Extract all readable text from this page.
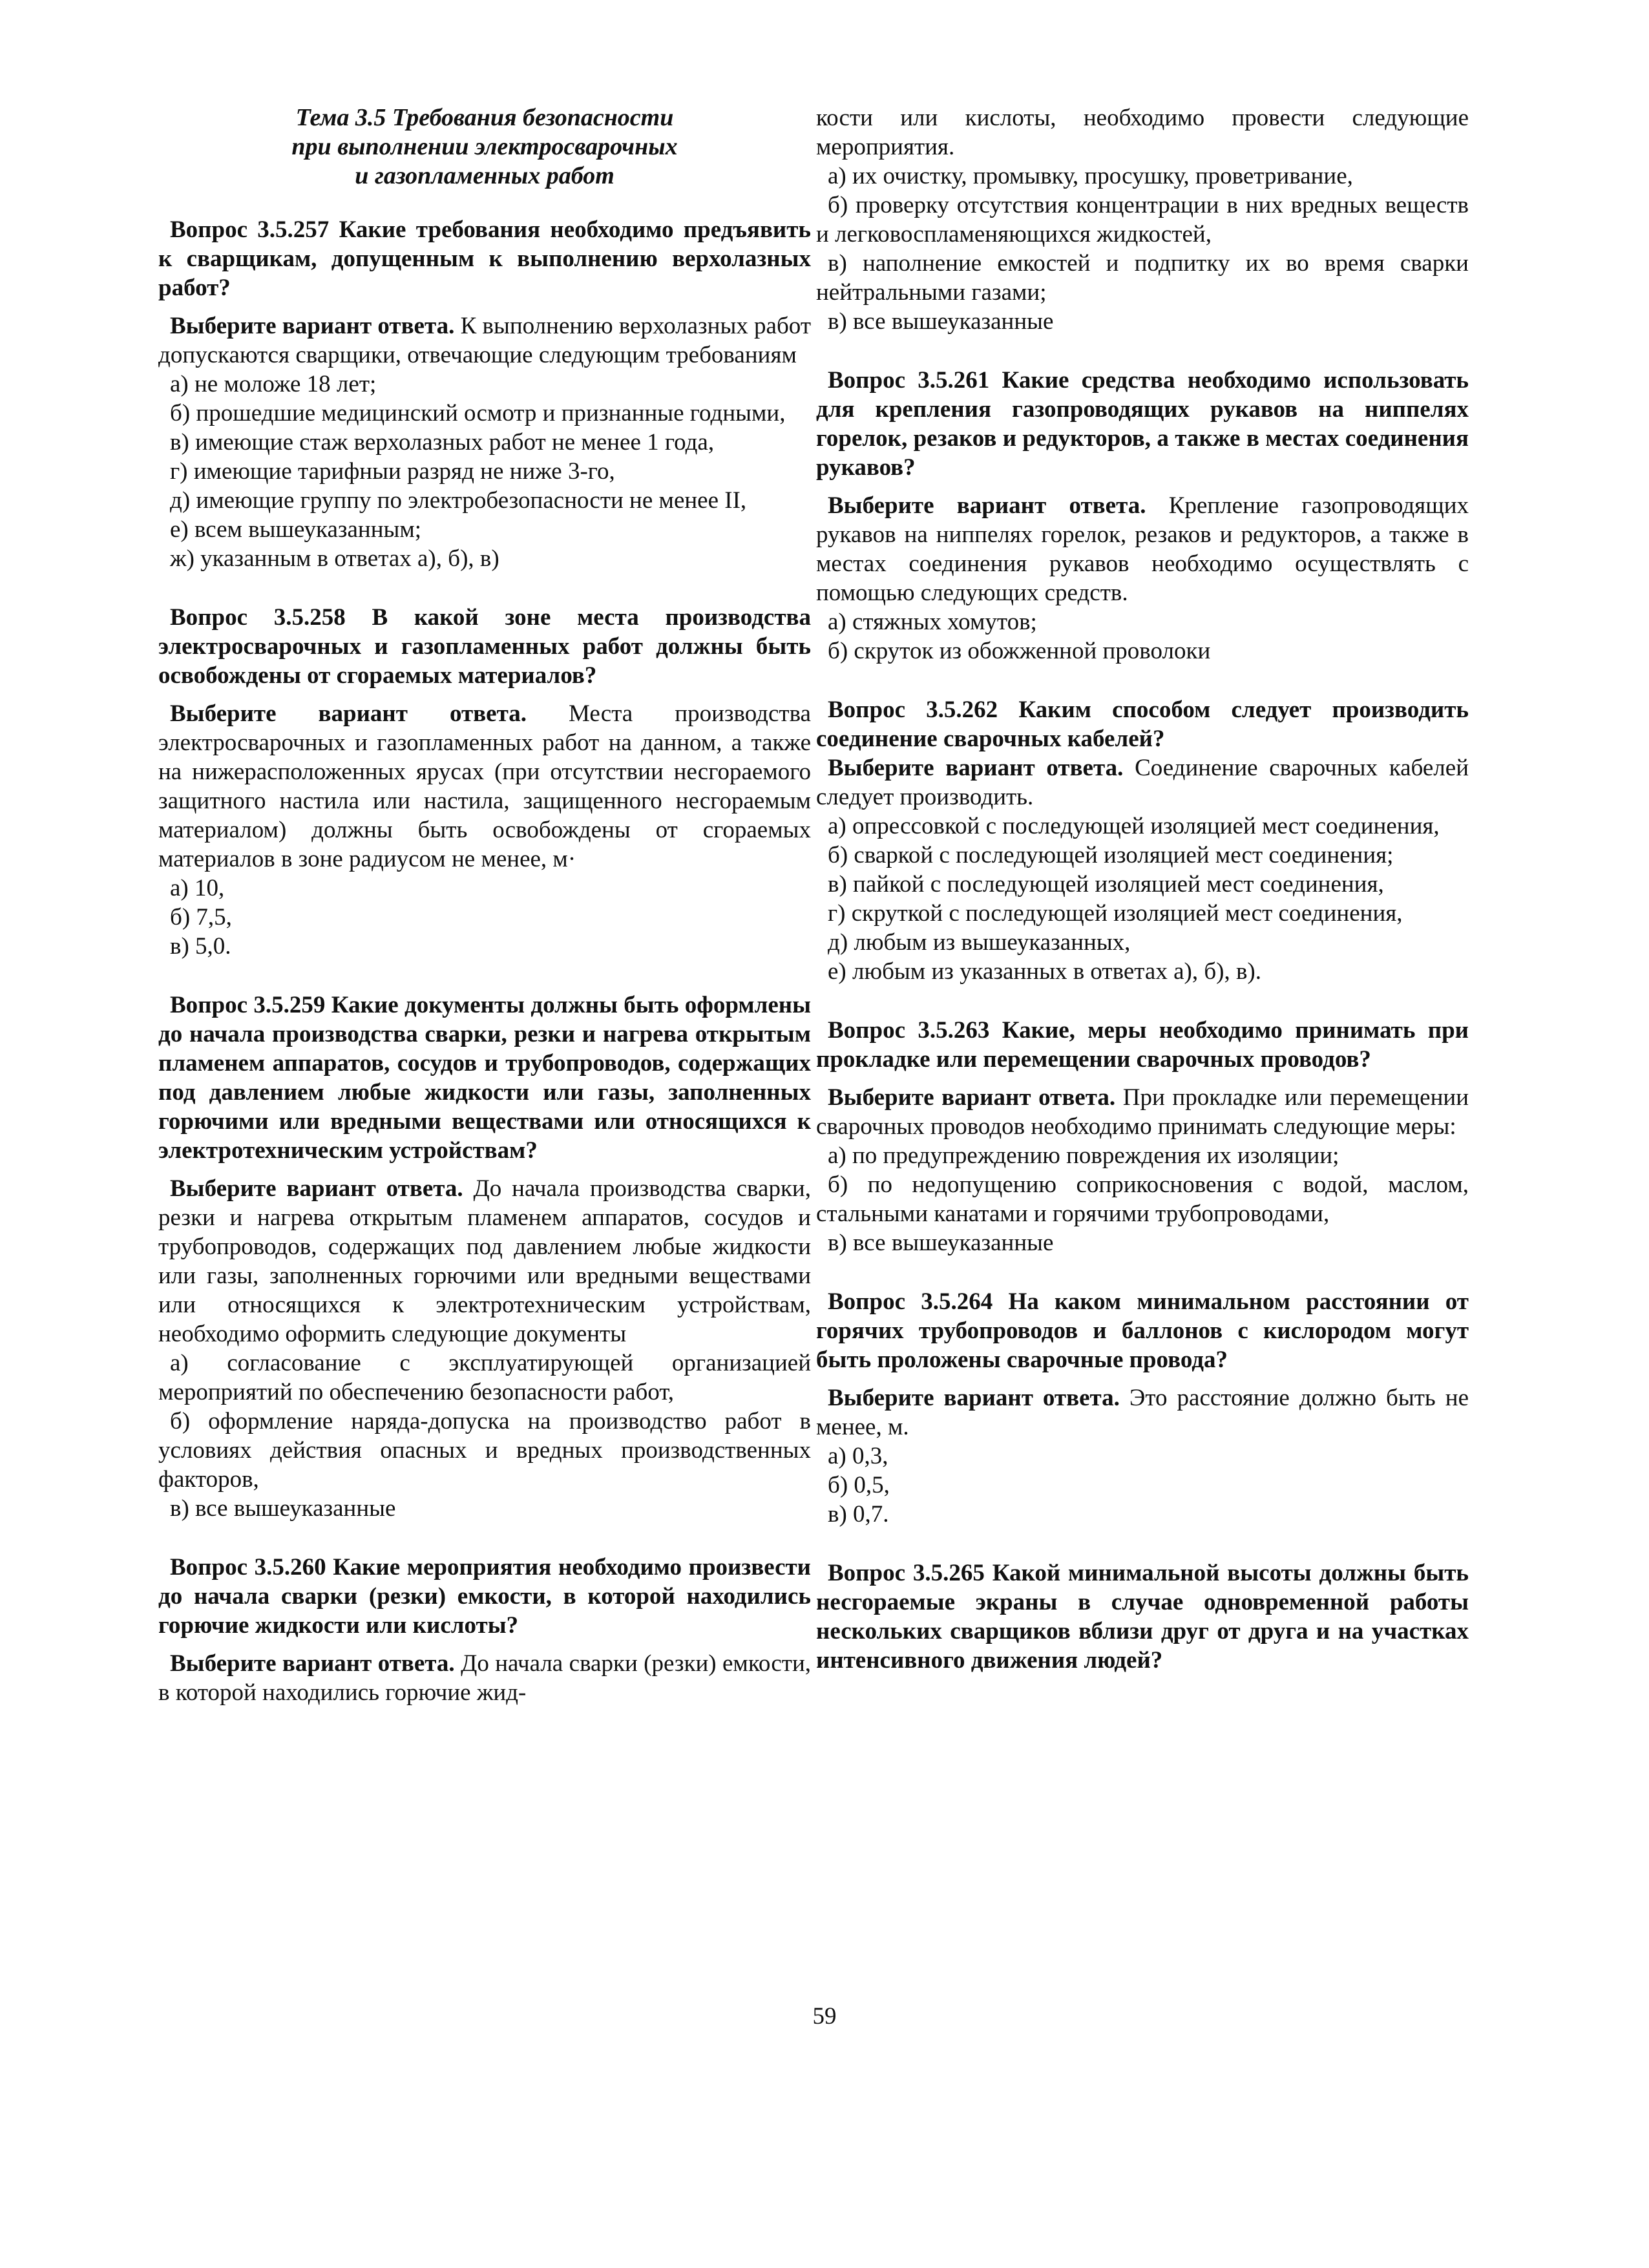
Тема 3.5 Требования безопасности
при выполнении электросварочных
и газопламенных работ

Вопрос 3.5.257 Какие требования необходимо предъявить к сварщикам, допущенным к выполнению верхолазных работ?

Выберите вариант ответа. К выполнению верхолазных работ допускаются сварщики, отвечающие следующим требованиям

а) не моложе 18 лет;

б) прошедшие медицинский осмотр и признанные годными,

в) имеющие стаж верхолазных работ не менее 1 года,

г) имеющие тарифныи разряд не ниже 3-го,

д) имеющие группу по электробезопасности не менее II,

е) всем вышеуказанным;

ж) указанным в ответах а), б), в)

Вопрос 3.5.258 В какой зоне места производства электросварочных и газопламенных работ должны быть освобождены от сгораемых материалов?

Выберите вариант ответа. Места производства электросварочных и газопламенных работ на данном, а также на нижерасположенных ярусах (при отсутствии несгораемого защитного настила или настила, защищенного несгораемым материалом) должны быть освобождены от сгораемых материалов в зоне радиусом не менее, м·

а) 10,

б) 7,5,

в) 5,0.

Вопрос 3.5.259 Какие документы должны быть оформлены до начала производства сварки, резки и нагрева открытым пламенем аппаратов, сосудов и трубопроводов, содержащих под давлением любые жидкости или газы, заполненных горючими или вредными веществами или относящихся к электротехническим устройствам?

Выберите вариант ответа. До начала производства сварки, резки и нагрева открытым пламенем аппаратов, сосудов и трубопроводов, содержащих под давлением любые жидкости или газы, заполненных горючими или вредными веществами или относящихся к электротехническим устройствам, необходимо оформить следующие документы

а) согласование с эксплуатирующей организацией мероприятий по обеспечению безопасности работ,

б) оформление наряда-допуска на производство работ в условиях действия опасных и вредных производственных факторов,

в) все вышеуказанные

Вопрос 3.5.260 Какие мероприятия необходимо произвести до начала сварки (резки) емкости, в которой находились горючие жидкости или кислоты?

Выберите вариант ответа. До начала сварки (резки) емкости, в которой находились горючие жид-

кости или кислоты, необходимо провести следующие мероприятия.

а) их очистку, промывку, просушку, проветривание,

б) проверку отсутствия концентрации в них вредных веществ и легковоспламеняющихся жидкостей,

в) наполнение емкостей и подпитку их во время сварки нейтральными газами;

в) все вышеуказанные

Вопрос 3.5.261 Какие средства необходимо использовать для крепления газопроводящих рукавов на ниппелях горелок, резаков и редукторов, а также в местах соединения рукавов?

Выберите вариант ответа. Крепление газопроводящих рукавов на ниппелях горелок, резаков и редукторов, а также в местах соединения рукавов необходимо осуществлять с помощью следующих средств.

а) стяжных хомутов;

б) скруток из обожженной проволоки

Вопрос 3.5.262 Каким способом следует производить соединение сварочных кабелей?

Выберите вариант ответа. Соединение сварочных кабелей следует производить.

а) опрессовкой с последующей изоляцией мест соединения,

б) сваркой с последующей изоляцией мест соединения;

в) пайкой с последующей изоляцией мест соединения,

г) скруткой с последующей изоляцией мест соединения,

д) любым из вышеуказанных,

е) любым из указанных в ответах а), б), в).

Вопрос 3.5.263 Какие, меры необходимо принимать при прокладке или перемещении сварочных проводов?

Выберите вариант ответа. При прокладке или перемещении сварочных проводов необходимо принимать следующие меры:

а) по предупреждению повреждения их изоляции;

б) по недопущению соприкосновения с водой, маслом, стальными канатами и горячими трубопроводами,

в) все вышеуказанные

Вопрос 3.5.264 На каком минимальном расстоянии от горячих трубопроводов и баллонов с кислородом могут быть проложены сварочные провода?

Выберите вариант ответа. Это расстояние должно быть не менее, м.

а) 0,3,

б) 0,5,

в) 0,7.

Вопрос 3.5.265 Какой минимальной высоты должны быть несгораемые экраны в случае одновременной работы нескольких сварщиков вблизи друг от друга и на участках интенсивного движения людей?

59
